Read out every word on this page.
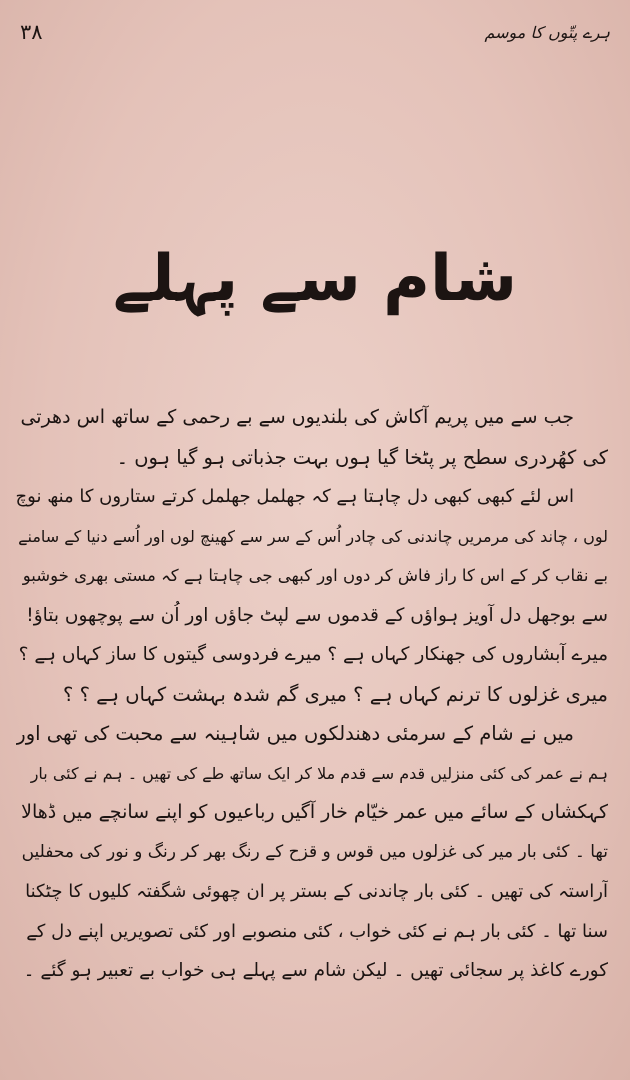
ہرے پتّوں کا موسم
۳۸
شام سے پہلے
جب سے میں پریم آکاش کی بلندیوں سے بے رحمی کے ساتھ اس دھرتی
کی کھُردری سطح پر پٹخا گیا ہوں بہت جذباتی ہو گیا ہوں ۔
اس لئے کبھی کبھی دل چاہتا ہے کہ جھلمل جھلمل کرتے ستاروں کا منھ نوچ
لوں ، چاند کی مرمریں چاندنی کی چادر اُس کے سر سے کھینچ لوں اور اُسے دنیا کے سامنے
بے نقاب کر کے اس کا راز فاش کر دوں اور کبھی جی چاہتا ہے کہ مستی بھری خوشبو
سے بوجھل دل آویز ہواؤں کے قدموں سے لپٹ جاؤں اور اُن سے پوچھوں بتاؤ!
میرے آبشاروں کی جھنکار کہاں ہے ؟ میرے فردوسی گیتوں کا ساز کہاں ہے ؟
میری غزلوں کا ترنم کہاں ہے ؟ میری گم شدہ بہشت کہاں ہے ؟ ؟
میں نے شام کے سرمئی دھندلکوں میں شاہینہ سے محبت کی تھی اور
ہم نے عمر کی کئی منزلیں قدم سے قدم ملا کر ایک ساتھ طے کی تھیں ۔ ہم نے کئی بار
کہکشاں کے سائے میں عمر خیّام خار آگیں رباعیوں کو اپنے سانچے میں ڈھالا
تھا ۔ کئی بار میر کی غزلوں میں قوس و قزح کے رنگ بھر کر رنگ و نور کی محفلیں
آراستہ کی تھیں ۔ کئی بار چاندنی کے بستر پر ان چھوئی شگفتہ کلیوں کا چٹکنا
سنا تھا ۔ کئی بار ہم نے کئی خواب ، کئی منصوبے اور کئی تصویریں اپنے دل کے
کورے کاغذ پر سجائی تھیں ۔ لیکن شام سے پہلے ہی خواب بے تعبیر ہو گئے ۔
